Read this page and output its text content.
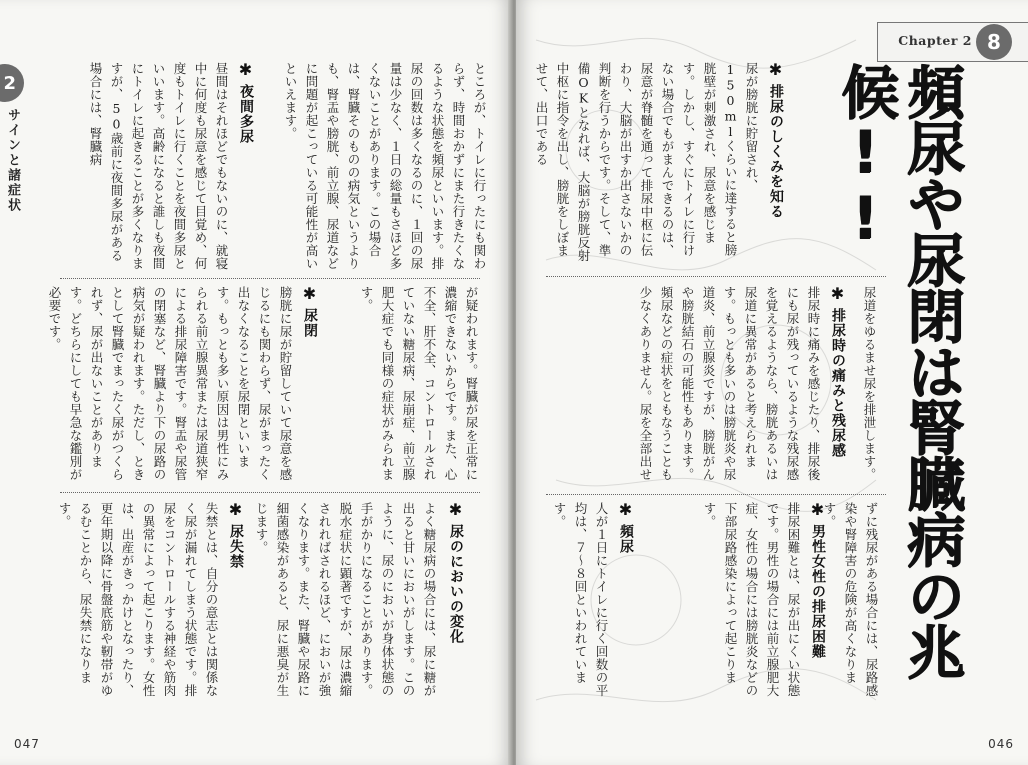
2
サインと諸症状	ところが、トイレに行ったにも関わらず、時間おかずにまた行きたくなるような状態を頻尿といいます。排尿の回数は多くなるのに、１回の尿量は少なく、１日の総量もさほど多くないことがあります。この場合は、腎臓そのものの病気というよりも、腎盂や膀胱、前立腺、尿道などに問題が起こっている可能性が高いといえます。
✱
夜間多尿
昼間はそれほどでもないのに、就寝中に何度も尿意を感じて目覚め、何度もトイレに行くことを夜間多尿といいます。高齢になると誰しも夜間にトイレに起きることが多くなりますが、50歳前に夜間多尿がある場合には、腎臓病
が疑われます。腎臓が尿を正常に濃縮できないからです。また、心不全、肝不全、コントロールされていない糖尿病、尿崩症、前立腺肥大症でも同様の症状がみられます。
✱
尿閉
膀胱に尿が貯留していて尿意を感じるにも関わらず、尿がまったく出なくなることを尿閉といいます。もっとも多い原因は男性にみられる前立腺異常または尿道狭窄による排尿障害です。腎盂や尿管の閉塞など、腎臓より下の尿路の病気が疑われます。ただし、ときとして腎臓でまったく尿がつくられず、尿が出ないことがあります。どちらにしても早急な鑑別が必要です。
✱
尿のにおいの変化
よく糖尿病の場合には、尿に糖が出ると甘いにおいがします。このように、尿のにおいが身体状態の手がかりになることがあります。脱水症状に顕著ですが、尿は濃縮されればされるほど、においが強くなります。また、腎臓や尿路に細菌感染があると、尿に悪臭が生じます。
✱
尿失禁
失禁とは、自分の意志とは関係なく尿が漏れてしまう状態です。排尿をコントロールする神経や筋肉の異常によって起こります。女性は、出産がきっかけとなったり、更年期以降に骨盤底筋や靭帯がゆるむことから、尿失禁になります。
047
Chapter 2 8
頻尿や尿閉は腎臓病の兆候!!
✱
排尿のしくみを知る
尿が膀胱に貯留され、150mlくらいに達すると膀胱壁が刺激され、尿意を感じます。しかし、すぐにトイレに行けない場合でもがまんできるのは、尿意が脊髄を通って排尿中枢に伝わり、大脳が出すか出さないかの判断を行うからです。そして、準備OKとなれば、大脳が膀胱反射中枢に指令を出し、膀胱をしぼませて、出口である
尿道をゆるませ尿を排泄します。
✱
排尿時の痛みと残尿感
排尿時に痛みを感じたり、排尿後にも尿が残っているような残尿感を覚えるようなら、膀胱あるいは尿道に異常があると考えられます。もっとも多いのは膀胱炎や尿道炎、前立腺炎ですが、膀胱がんや膀胱結石の可能性もあります。頻尿などの症状をともなうことも少なくありません。尿を全部出せ
ずに残尿がある場合には、尿路感染や腎障害の危険が高くなります。
✱
男性女性の排尿困難
排尿困難とは、尿が出にくい状態です。男性の場合には前立腺肥大症、女性の場合には膀胱炎などの下部尿路感染によって起こります。
✱
頻尿
人が１日にトイレに行く回数の平均は、７〜８回といわれています。
046
